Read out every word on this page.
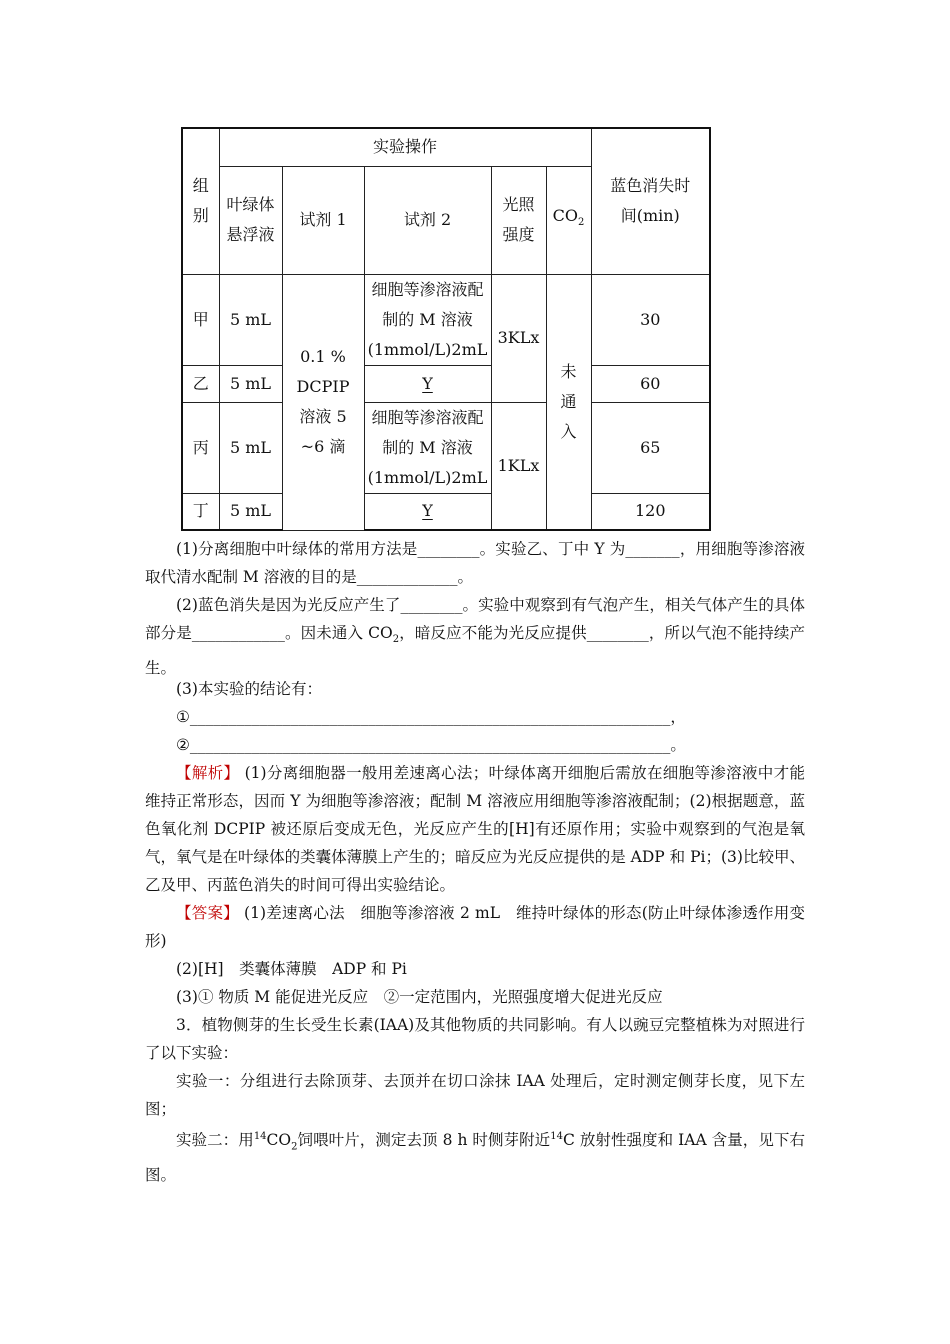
组别	实验操作					蓝色消失时间(min)

	叶绿体悬浮液	试剂 1	试剂 2	光照强度	$CO_2$
甲	5 mL	0.1 % DCPIP 溶液 5 ~6 滴	细胞等渗溶液配制的 M 溶液(1mmol/L)2mL	3KLx	未通入	30
乙	5 mL		Y			60
丙	5 mL		细胞等渗溶液配制的 M 溶液(1mmol/L)2mL	1KLx		65
丁	5 mL		Y			120

(1)分离细胞中叶绿体的常用方法是________。实验乙、丁中 Y 为_______，用细胞等渗溶液取代清水配制 M 溶液的目的是_____________。

(2)蓝色消失是因为光反应产生了________。实验中观察到有气泡产生，相关气体产生的具体部分是____________。因未通入 $CO_2$，暗反应不能为光反应提供________，所以气泡不能持续产生。

(3)本实验的结论有：

①______________________________________________________________，

②______________________________________________________________。

【解析】 (1)分离细胞器一般用差速离心法；叶绿体离开细胞后需放在细胞等渗溶液中才能维持正常形态，因而 Y 为细胞等渗溶液；配制 M 溶液应用细胞等渗溶液配制；(2)根据题意，蓝色氧化剂 DCPIP 被还原后变成无色，光反应产生的[H]有还原作用；实验中观察到的气泡是氧气，氧气是在叶绿体的类囊体薄膜上产生的；暗反应为光反应提供的是 ADP 和 Pi；(3)比较甲、乙及甲、丙蓝色消失的时间可得出实验结论。

【答案】 (1)差速离心法　细胞等渗溶液 2 mL　维持叶绿体的形态(防止叶绿体渗透作用变形)

(2)[H]　类囊体薄膜　ADP 和 Pi

(3)① 物质 M 能促进光反应　②一定范围内，光照强度增大促进光反应

3．植物侧芽的生长受生长素(IAA)及其他物质的共同影响。有人以豌豆完整植株为对照进行了以下实验：

实验一：分组进行去除顶芽、去顶并在切口涂抹 IAA 处理后，定时测定侧芽长度，见下左图；

实验二：用$^{14}CO_2$饲喂叶片，测定去顶 8 h 时侧芽附近$^{14}$C 放射性强度和 IAA 含量，见下右图。
